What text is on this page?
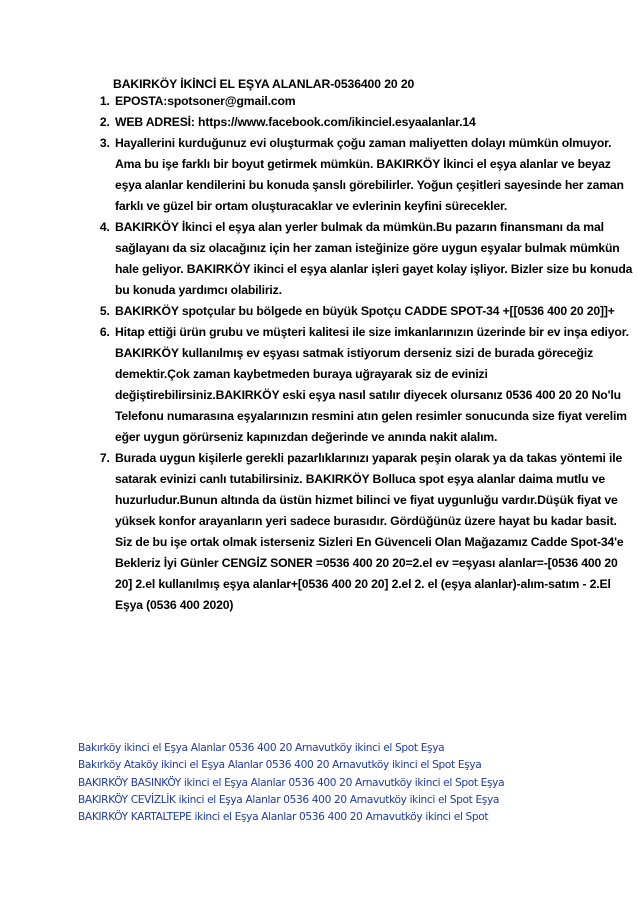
BAKIRKÖY İKİNCİ EL EŞYA ALANLAR-0536400 20 20
1. EPOSTA:spotsoner@gmail.com
2. WEB ADRESİ: https://www.facebook.com/ikinciel.esyaalanlar.14
3. Hayallerini kurduğunuz evi oluşturmak çoğu zaman maliyetten dolayı mümkün olmuyor. Ama bu işe farklı bir boyut getirmek mümkün. BAKIRKÖY İkinci el eşya alanlar ve beyaz eşya alanlar kendilerini bu konuda şanslı görebilirler. Yoğun çeşitleri sayesinde her zaman farklı ve güzel bir ortam oluşturacaklar ve evlerinin keyfini sürecekler.
4. BAKIRKÖY İkinci el eşya alan yerler bulmak da mümkün.Bu pazarın finansmanı da mal sağlayanı da siz olacağınız için her zaman isteğinize göre uygun eşyalar bulmak mümkün hale geliyor. BAKIRKÖY ikinci el eşya alanlar işleri gayet kolay işliyor. Bizler size bu konuda bu konuda yardımcı olabiliriz.
5. BAKIRKÖY spotçular bu bölgede en büyük Spotçu CADDE SPOT-34 +[[0536 400 20 20]]+
6. Hitap ettiği ürün grubu ve müşteri kalitesi ile size imkanlarınızın üzerinde bir ev inşa ediyor. BAKIRKÖY kullanılmış ev eşyası satmak istiyorum derseniz sizi de burada göreceğiz demektir.Çok zaman kaybetmeden buraya uğrayarak siz de evinizi değiştirebilirsiniz.BAKIRKÖY eski eşya nasıl satılır diyecek olursanız 0536 400 20 20 No'lu Telefonu numarasına eşyalarınızın resmini atın gelen resimler sonucunda size fiyat verelim eğer uygun görürseniz kapınızdan değerinde ve anında nakit alalım.
7. Burada uygun kişilerle gerekli pazarlıklarınızı yaparak peşin olarak ya da takas yöntemi ile satarak evinizi canlı tutabilirsiniz. BAKIRKÖY Bolluca spot eşya alanlar daima mutlu ve huzurludur.Bunun altında da üstün hizmet bilinci ve fiyat uygunluğu vardır.Düşük fiyat ve yüksek konfor arayanların yeri sadece burasıdır. Gördüğünüz üzere hayat bu kadar basit. Siz de bu işe ortak olmak isterseniz Sizleri En Güvenceli Olan Mağazamız Cadde Spot-34'e Bekleriz İyi Günler CENGİZ SONER =0536 400 20 20=2.el ev =eşyası alanlar=-[0536 400 20 20] 2.el kullanılmış eşya alanlar+[0536 400 20 20] 2.el 2. el (eşya alanlar)-alım-satım - 2.El Eşya (0536 400 2020)
Bakırköy ikinci el Eşya Alanlar 0536 400 20 Arnavutköy ikinci el Spot Eşya
Bakırköy Ataköy ikinci el Eşya Alanlar 0536 400 20 Arnavutköy ikinci el Spot Eşya
BAKIRKÖY BASINKÖY ikinci el Eşya Alanlar 0536 400 20 Arnavutköy ikinci el Spot Eşya
BAKIRKÖY CEVİZLİK ikinci el Eşya Alanlar 0536 400 20 Arnavutköy ikinci el Spot Eşya
BAKIRKÖY KARTALTEPE ikinci el Eşya Alanlar 0536 400 20 Arnavutköy ikinci el Spot
